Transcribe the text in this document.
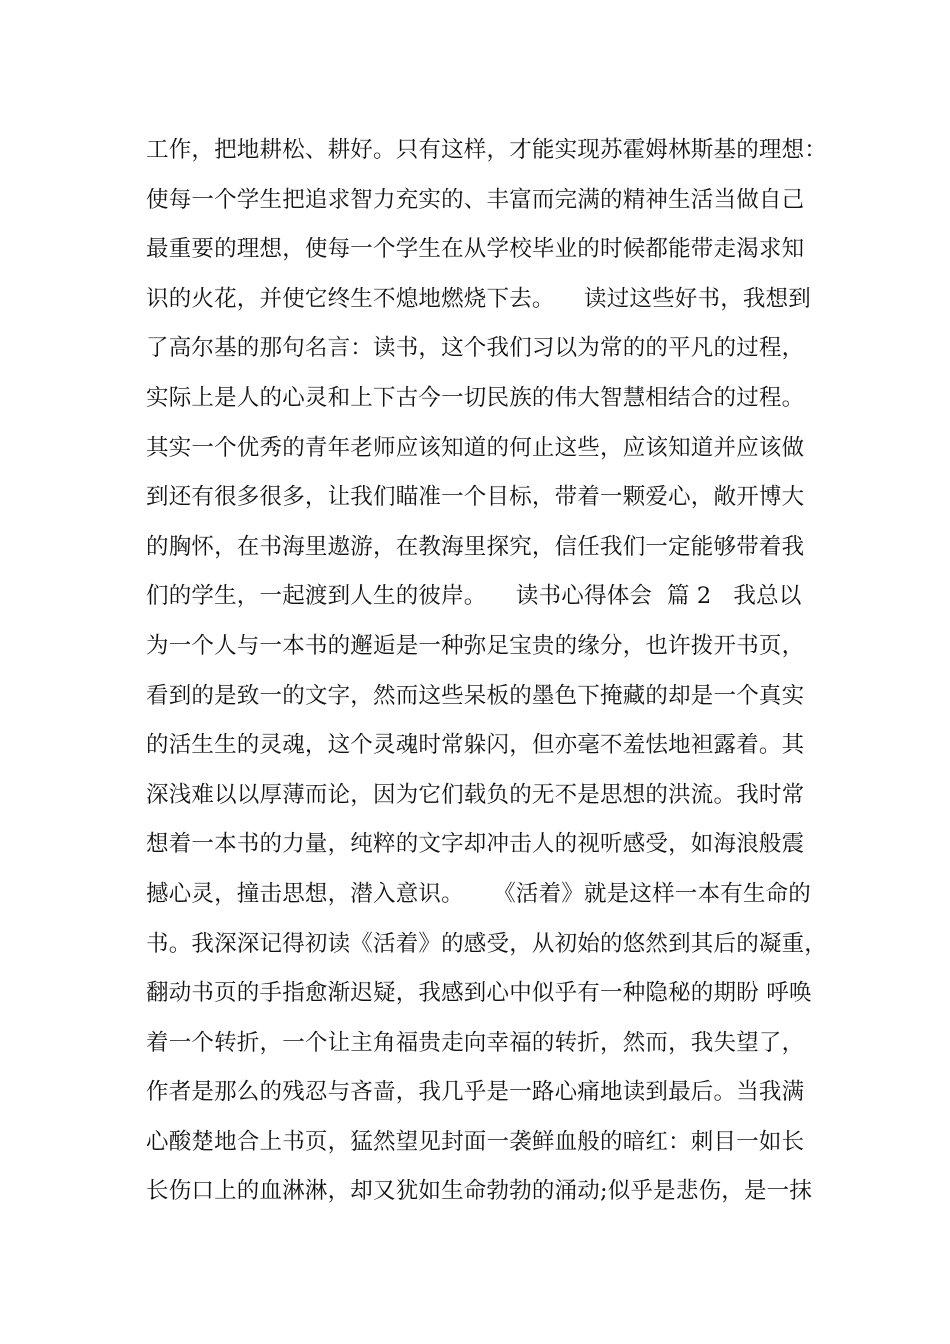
工作，把地耕松、耕好。只有这样，才能实现苏霍姆林斯基的理想：
使每一个学生把追求智力充实的、丰富而完满的精神生活当做自己
最重要的理想，使每一个学生在从学校毕业的时候都能带走渴求知
识的火花，并使它终生不熄地燃烧下去。    读过这些好书，我想到
了高尔基的那句名言：读书，这个我们习以为常的的平凡的过程，
实际上是人的心灵和上下古今一切民族的伟大智慧相结合的过程。
其实一个优秀的青年老师应该知道的何止这些，应该知道并应该做
到还有很多很多，让我们瞄准一个目标，带着一颗爱心，敞开博大
的胸怀，在书海里遨游，在教海里探究，信任我们一定能够带着我
们的学生，一起渡到人生的彼岸。    读书心得体会  篇 2   我总以
为一个人与一本书的邂逅是一种弥足宝贵的缘分，也许拨开书页，
看到的是致一的文字，然而这些呆板的墨色下掩藏的却是一个真实
的活生生的灵魂，这个灵魂时常躲闪，但亦毫不羞怯地袒露着。其
深浅难以以厚薄而论，因为它们载负的无不是思想的洪流。我时常
想着一本书的力量，纯粹的文字却冲击人的视听感受，如海浪般震
撼心灵，撞击思想，潜入意识。    《活着》就是这样一本有生命的
书。我深深记得初读《活着》的感受，从初始的悠然到其后的凝重，
翻动书页的手指愈渐迟疑，我感到心中似乎有一种隐秘的期盼 呼唤
着一个转折，一个让主角福贵走向幸福的转折，然而，我失望了，
作者是那么的残忍与吝啬，我几乎是一路心痛地读到最后。当我满
心酸楚地合上书页，猛然望见封面一袭鲜血般的暗红：刺目一如长
长伤口上的血淋淋，却又犹如生命勃勃的涌动;似乎是悲伤，是一抹
